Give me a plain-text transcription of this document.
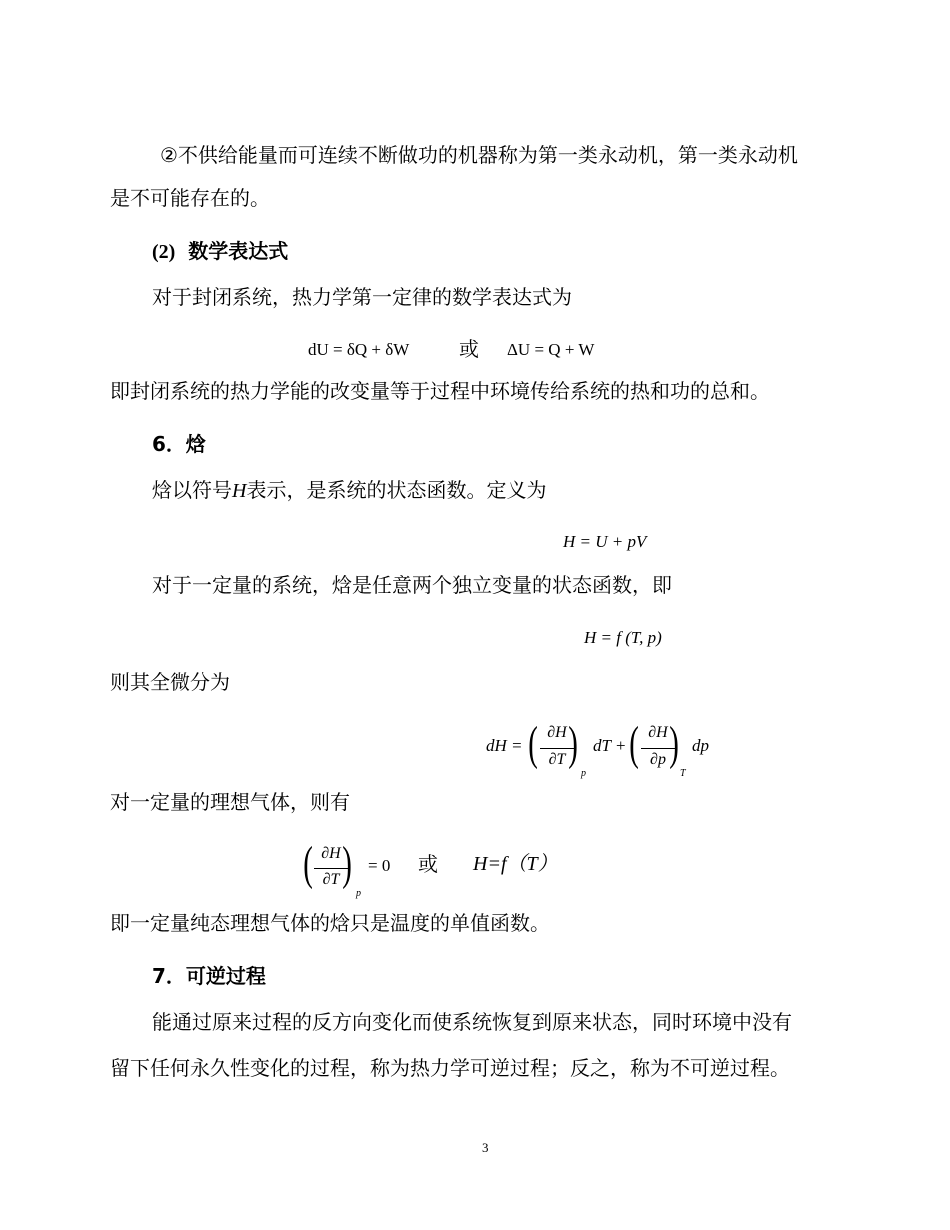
②不供给能量而可连续不断做功的机器称为第一类永动机，第一类永动机
是不可能存在的。
(2) 数学表达式
对于封闭系统，热力学第一定律的数学表达式为
dU = δQ + δW 或 ΔU = Q + W
即封闭系统的热力学能的改变量等于过程中环境传给系统的热和功的总和。
6．焓
焓以符号H表示，是系统的状态函数。定义为
H = U + pV
对于一定量的系统，焓是任意两个独立变量的状态函数，即
H = f (T, p)
则其全微分为
dH = ( ∂H
∂T )
p
dT + ( ∂H
∂p )
T
dp
对一定量的理想气体，则有
( ∂H
∂T )
p
= 0 或 H=f（T）
即一定量纯态理想气体的焓只是温度的单值函数。
7．可逆过程
能通过原来过程的反方向变化而使系统恢复到原来状态，同时环境中没有
留下任何永久性变化的过程，称为热力学可逆过程；反之，称为不可逆过程。
3
